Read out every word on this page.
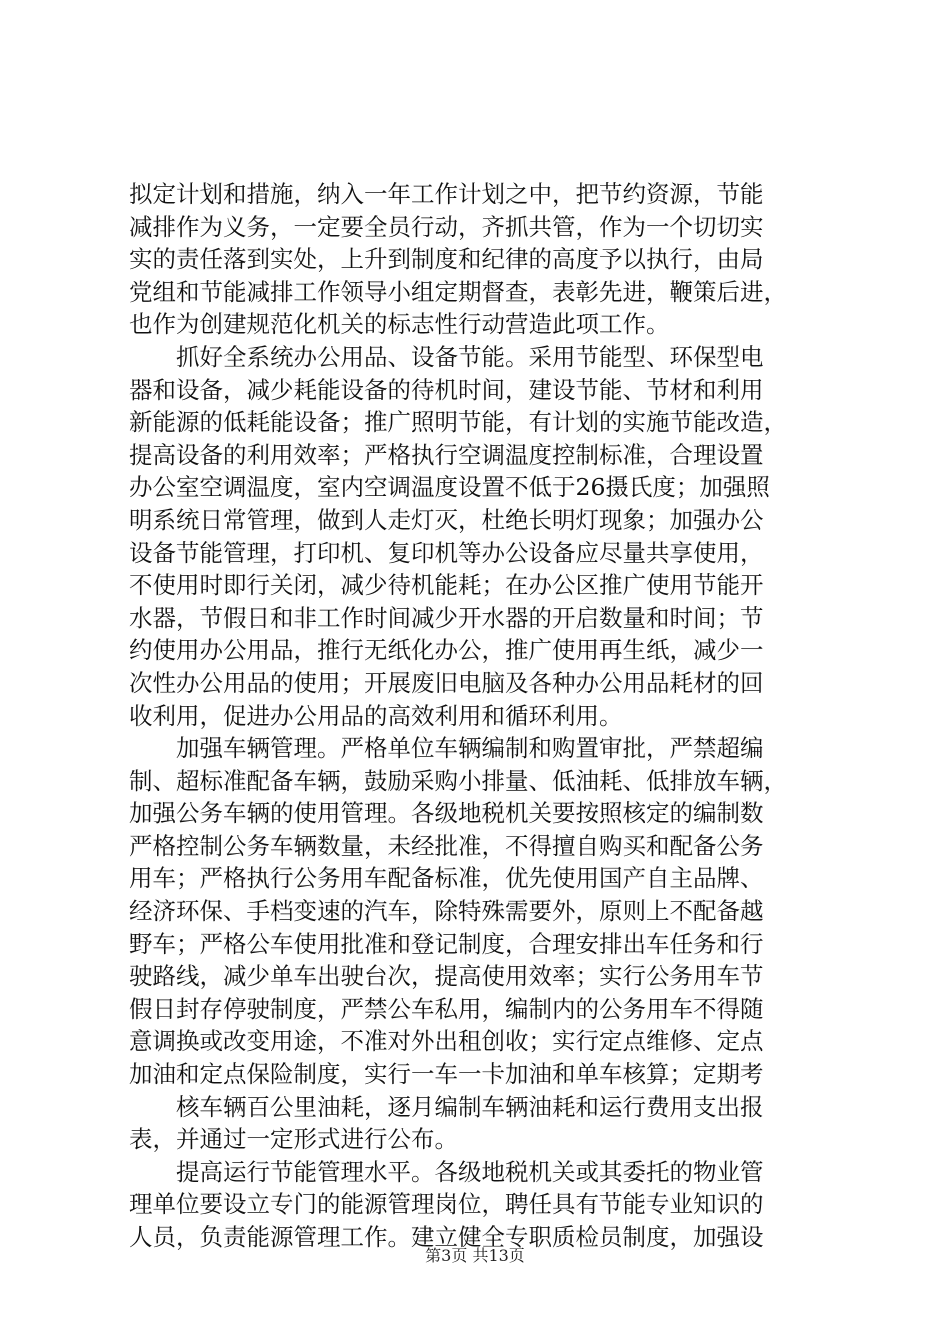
拟定计划和措施，纳入一年工作计划之中，把节约资源，节能
减排作为义务，一定要全员行动，齐抓共管，作为一个切切实
实的责任落到实处，上升到制度和纪律的高度予以执行，由局
党组和节能减排工作领导小组定期督查，表彰先进，鞭策后进，
也作为创建规范化机关的标志性行动营造此项工作。
　　抓好全系统办公用品、设备节能。采用节能型、环保型电
器和设备，减少耗能设备的待机时间，建设节能、节材和利用
新能源的低耗能设备；推广照明节能，有计划的实施节能改造，
提高设备的利用效率；严格执行空调温度控制标准，合理设置
办公室空调温度，室内空调温度设置不低于26摄氏度；加强照
明系统日常管理，做到人走灯灭，杜绝长明灯现象；加强办公
设备节能管理，打印机、复印机等办公设备应尽量共享使用，
不使用时即行关闭，减少待机能耗；在办公区推广使用节能开
水器，节假日和非工作时间减少开水器的开启数量和时间；节
约使用办公用品，推行无纸化办公，推广使用再生纸，减少一
次性办公用品的使用；开展废旧电脑及各种办公用品耗材的回
收利用，促进办公用品的高效利用和循环利用。
　　加强车辆管理。严格单位车辆编制和购置审批，严禁超编
制、超标准配备车辆，鼓励采购小排量、低油耗、低排放车辆，
加强公务车辆的使用管理。各级地税机关要按照核定的编制数
严格控制公务车辆数量，未经批准，不得擅自购买和配备公务
用车；严格执行公务用车配备标准，优先使用国产自主品牌、
经济环保、手档变速的汽车，除特殊需要外，原则上不配备越
野车；严格公车使用批准和登记制度，合理安排出车任务和行
驶路线，减少单车出驶台次，提高使用效率；实行公务用车节
假日封存停驶制度，严禁公车私用，编制内的公务用车不得随
意调换或改变用途，不准对外出租创收；实行定点维修、定点
加油和定点保险制度，实行一车一卡加油和单车核算；定期考
　　核车辆百公里油耗，逐月编制车辆油耗和运行费用支出报
表，并通过一定形式进行公布。
　　提高运行节能管理水平。各级地税机关或其委托的物业管
理单位要设立专门的能源管理岗位，聘任具有节能专业知识的
人员，负责能源管理工作。建立健全专职质检员制度，加强设
第3页 共13页
